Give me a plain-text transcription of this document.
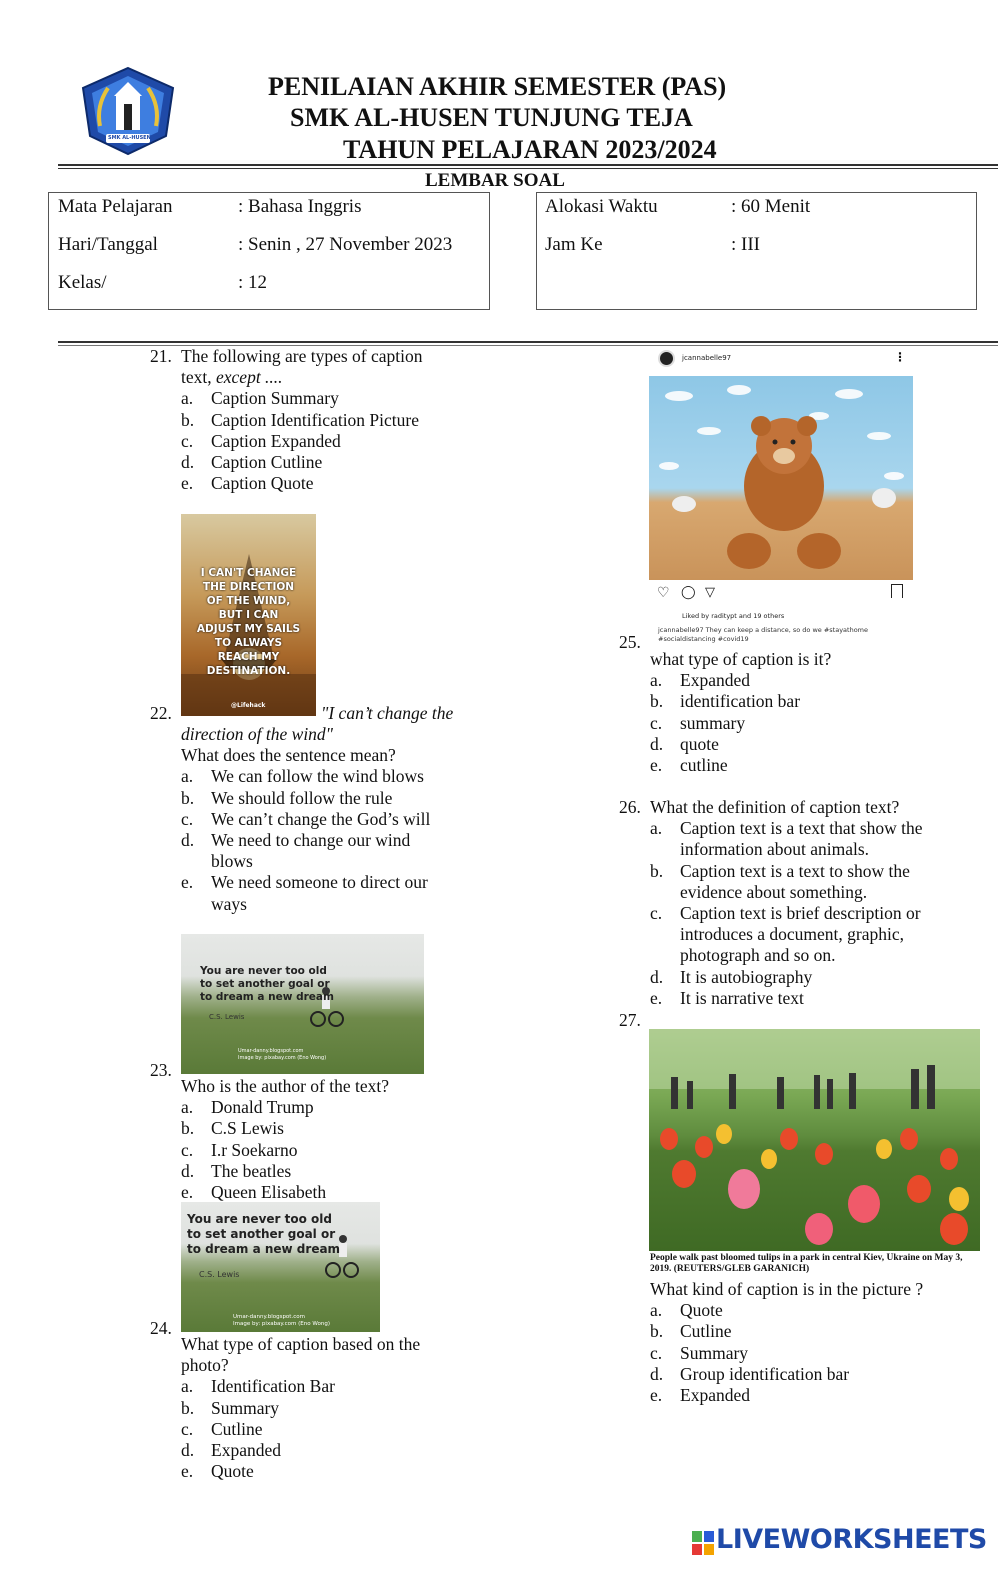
SMK AL-HUSEN
PENILAIAN AKHIR SEMESTER (PAS)
SMK AL-HUSEN TUNJUNG TEJA
TAHUN PELAJARAN 2023/2024
LEMBAR SOAL
Mata Pelajaran	: Bahasa Inggris
Hari/Tanggal	: Senin , 27 November 2023
Kelas/	: 12
Alokasi Waktu	: 60 Menit
Jam Ke	: III
21. The following are types of caption
text, except ....
a. Caption Summary
b. Caption Identification Picture
c. Caption Expanded
d. Caption Cutline
e. Caption Quote
I CAN'T CHANGE THE DIRECTION OF THE WIND, BUT I CAN ADJUST MY SAILS TO ALWAYS REACH MY DESTINATION.
@Lifehack
22.	"I can’t change the
direction of the wind"
What does the sentence mean?
a. We can follow the wind blows
b. We should follow the rule
c. We can’t change the God’s will
d. We need to change our wind blows
e. We need someone to direct our ways
You are never too old
to set another goal or
to dream a new dream
C.S. Lewis
Umar-danny.blogspot.com
Image by: pixabay.com (Eno Wong)
23.
Who is the author of the text?
a. Donald Trump
b. C.S Lewis
c. I.r Soekarno
d. The beatles
e. Queen Elisabeth
You are never too old
to set another goal or
to dream a new dream
C.S. Lewis
Umar-danny.blogspot.com
Image by: pixabay.com (Eno Wong)
24.
What type of caption based on the
photo?
a. Identification Bar
b. Summary
c. Cutline
d. Expanded
e. Quote
jcannabelle97	⋮
♡ ◯ ▽
Liked by raditypt and 19 others
jcannabelle97 They can keep a distance, so do we #stayathome #socialdistancing #covid19
25.
what type of caption is it?
a. Expanded
b. identification bar
c. summary
d. quote
e. cutline
26. What the definition of caption text?
a. Caption text is a text that show the information about animals.
b. Caption text is a text to show the evidence about something.
c. Caption text is brief description or introduces a document, graphic, photograph and so on.
d. It is autobiography
e. It is narrative text
27.
People walk past bloomed tulips in a park in central Kiev, Ukraine on May 3, 2019. (REUTERS/GLEB GARANICH)
What kind of caption is in the picture ?
a. Quote
b. Cutline
c. Summary
d. Group identification bar
e. Expanded
LIVEWORKSHEETS
